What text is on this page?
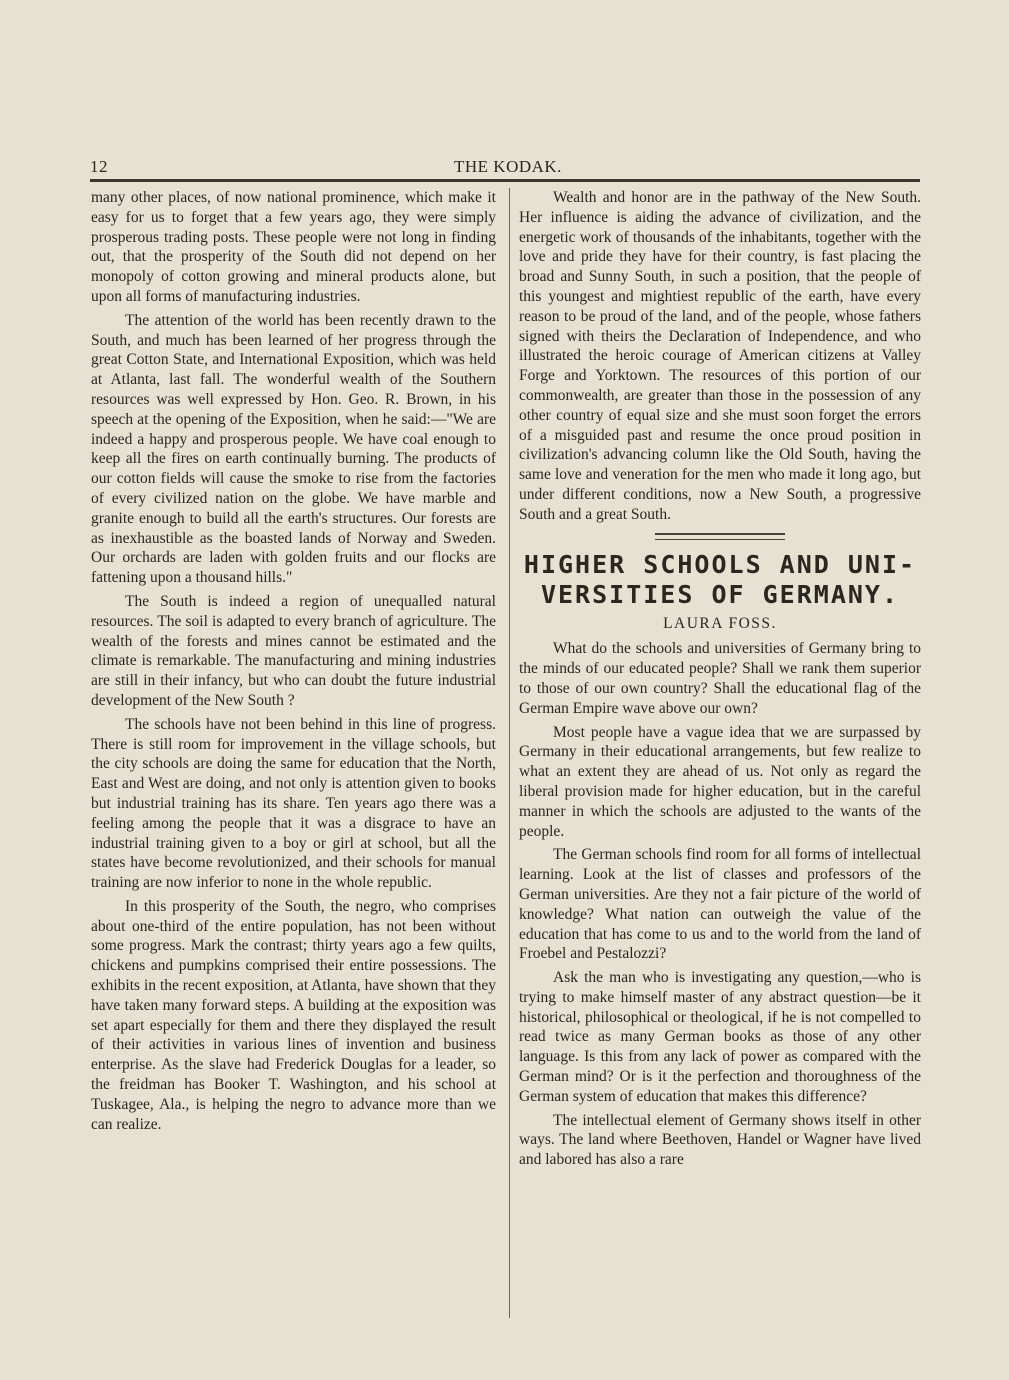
12	THE KODAK.

many other places, of now national prominence, which make it easy for us to forget that a few years ago, they were simply prosperous trading posts. These people were not long in finding out, that the prosperity of the South did not depend on her monopoly of cotton growing and mineral products alone, but upon all forms of manufacturing industries.

The attention of the world has been recently drawn to the South, and much has been learned of her progress through the great Cotton State, and International Exposition, which was held at Atlanta, last fall. The wonderful wealth of the Southern resources was well expressed by Hon. Geo. R. Brown, in his speech at the opening of the Exposition, when he said:—"We are indeed a happy and prosperous people. We have coal enough to keep all the fires on earth continually burning. The products of our cotton fields will cause the smoke to rise from the factories of every civilized nation on the globe. We have marble and granite enough to build all the earth's structures. Our forests are as inexhaustible as the boasted lands of Norway and Sweden. Our orchards are laden with golden fruits and our flocks are fattening upon a thousand hills."

The South is indeed a region of unequalled natural resources. The soil is adapted to every branch of agriculture. The wealth of the forests and mines cannot be estimated and the climate is remarkable. The manufacturing and mining industries are still in their infancy, but who can doubt the future industrial development of the New South ?

The schools have not been behind in this line of progress. There is still room for improvement in the village schools, but the city schools are doing the same for education that the North, East and West are doing, and not only is attention given to books but industrial training has its share. Ten years ago there was a feeling among the people that it was a disgrace to have an industrial training given to a boy or girl at school, but all the states have become revolutionized, and their schools for manual training are now inferior to none in the whole republic.

In this prosperity of the South, the negro, who comprises about one-third of the entire population, has not been without some progress. Mark the contrast; thirty years ago a few quilts, chickens and pumpkins comprised their entire possessions. The exhibits in the recent exposition, at Atlanta, have shown that they have taken many forward steps. A building at the exposition was set apart especially for them and there they displayed the result of their activities in various lines of invention and business enterprise. As the slave had Frederick Douglas for a leader, so the freidman has Booker T. Washington, and his school at Tuskagee, Ala., is helping the negro to advance more than we can realize.

Wealth and honor are in the pathway of the New South. Her influence is aiding the advance of civilization, and the energetic work of thousands of the inhabitants, together with the love and pride they have for their country, is fast placing the broad and Sunny South, in such a position, that the people of this youngest and mightiest republic of the earth, have every reason to be proud of the land, and of the people, whose fathers signed with theirs the Declaration of Independence, and who illustrated the heroic courage of American citizens at Valley Forge and Yorktown. The resources of this portion of our commonwealth, are greater than those in the possession of any other country of equal size and she must soon forget the errors of a misguided past and resume the once proud position in civilization's advancing column like the Old South, having the same love and veneration for the men who made it long ago, but under different conditions, now a New South, a progressive South and a great South.

HIGHER SCHOOLS AND UNI-
VERSITIES OF GERMANY.
LAURA FOSS.

What do the schools and universities of Germany bring to the minds of our educated people? Shall we rank them superior to those of our own country? Shall the educational flag of the German Empire wave above our own?

Most people have a vague idea that we are surpassed by Germany in their educational arrangements, but few realize to what an extent they are ahead of us. Not only as regard the liberal provision made for higher education, but in the careful manner in which the schools are adjusted to the wants of the people.

The German schools find room for all forms of intellectual learning. Look at the list of classes and professors of the German universities. Are they not a fair picture of the world of knowledge? What nation can outweigh the value of the education that has come to us and to the world from the land of Froebel and Pestalozzi?

Ask the man who is investigating any question,—who is trying to make himself master of any abstract question—be it historical, philosophical or theological, if he is not compelled to read twice as many German books as those of any other language. Is this from any lack of power as compared with the German mind? Or is it the perfection and thoroughness of the German system of education that makes this difference?

The intellectual element of Germany shows itself in other ways. The land where Beethoven, Handel or Wagner have lived and labored has also a rare
